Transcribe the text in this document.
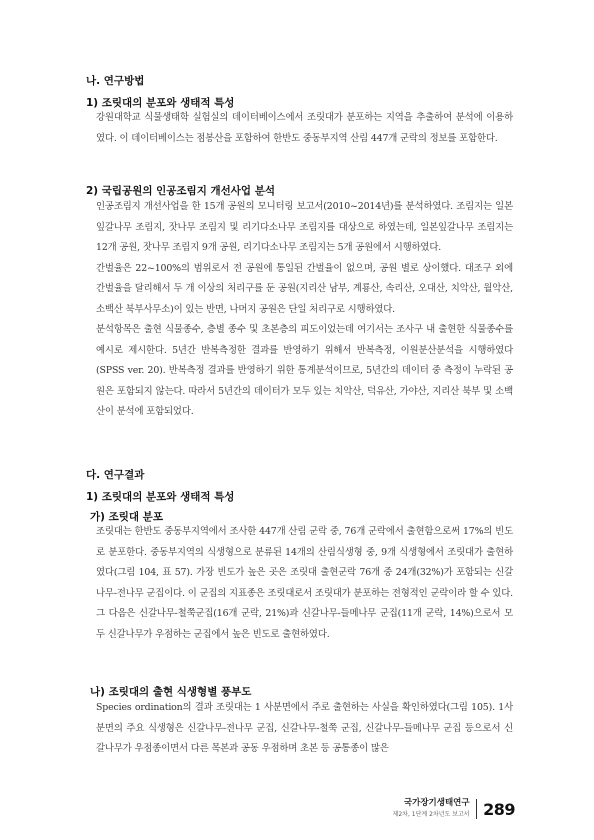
나. 연구방법
1) 조릿대의 분포와 생태적 특성
강원대학교 식물생태학 실험실의 데이터베이스에서 조릿대가 분포하는 지역을 추출하여 분석에 이용하였다. 이 데이터베이스는 점봉산을 포함하여 한반도 중동부지역 산림 447개 군락의 정보를 포함한다.
2) 국립공원의 인공조림지 개선사업 분석
인공조림지 개선사업을 한 15개 공원의 모니터링 보고서(2010~2014년)를 분석하였다. 조림지는 일본잎갈나무 조림지, 잣나무 조림지 및 리기다소나무 조림지를 대상으로 하였는데, 일본잎갈나무 조림지는 12개 공원, 잣나무 조림지 9개 공원, 리기다소나무 조림지는 5개 공원에서 시행하였다.
간벌율은 22~100%의 범위로서 전 공원에 통일된 간벌율이 없으며, 공원 별로 상이했다. 대조구 외에 간벌율을 달리해서 두 개 이상의 처리구를 둔 공원(지리산 남부, 계룡산, 속리산, 오대산, 치악산, 월악산, 소백산 북부사무소)이 있는 반면, 나머지 공원은 단일 처리구로 시행하였다.
분석항목은 출현 식물종수, 층별 종수 및 초본층의 피도이었는데 여기서는 조사구 내 출현한 식물종수를 예시로 제시한다. 5년간 반복측정한 결과를 반영하기 위해서 반복측정, 이원분산분석을 시행하였다(SPSS ver. 20). 반복측정 결과를 반영하기 위한 통계분석이므로, 5년간의 데이터 중 측정이 누락된 공원은 포함되지 않는다. 따라서 5년간의 데이터가 모두 있는 치악산, 덕유산, 가야산, 지리산 북부 및 소백산이 분석에 포함되었다.
다. 연구결과
1) 조릿대의 분포와 생태적 특성
가) 조릿대 분포
조릿대는 한반도 중동부지역에서 조사한 447개 산림 군락 중, 76개 군락에서 출현함으로써 17%의 빈도로 분포한다. 중동부지역의 식생형으로 분류된 14개의 산림식생형 중, 9개 식생형에서 조릿대가 출현하였다(그림 104, 표 57). 가장 빈도가 높은 곳은 조릿대 출현군락 76개 중 24개(32%)가 포함되는 신갈나무-전나무 군집이다. 이 군집의 지표종은 조릿대로서 조릿대가 분포하는 전형적인 군락이라 할 수 있다. 그 다음은 신갈나무-철쭉군집(16개 군락, 21%)과 신갈나무-들메나무 군집(11개 군락, 14%)으로서 모두 신갈나무가 우점하는 군집에서 높은 빈도로 출현하였다.
나) 조릿대의 출현 식생형별 풍부도
Species ordination의 결과 조릿대는 1 사분면에서 주로 출현하는 사실을 확인하였다(그림 105). 1사분면의 주요 식생형은 신갈나무-전나무 군집, 신갈나무-철쭉 군집, 신갈나무-들메나무 군집 등으로서 신갈나무가 우점종이면서 다른 목본과 공동 우점하며 초본 등 공통종이 많은
국가장기생태연구
제2차, 1단계 2차년도 보고서 289
